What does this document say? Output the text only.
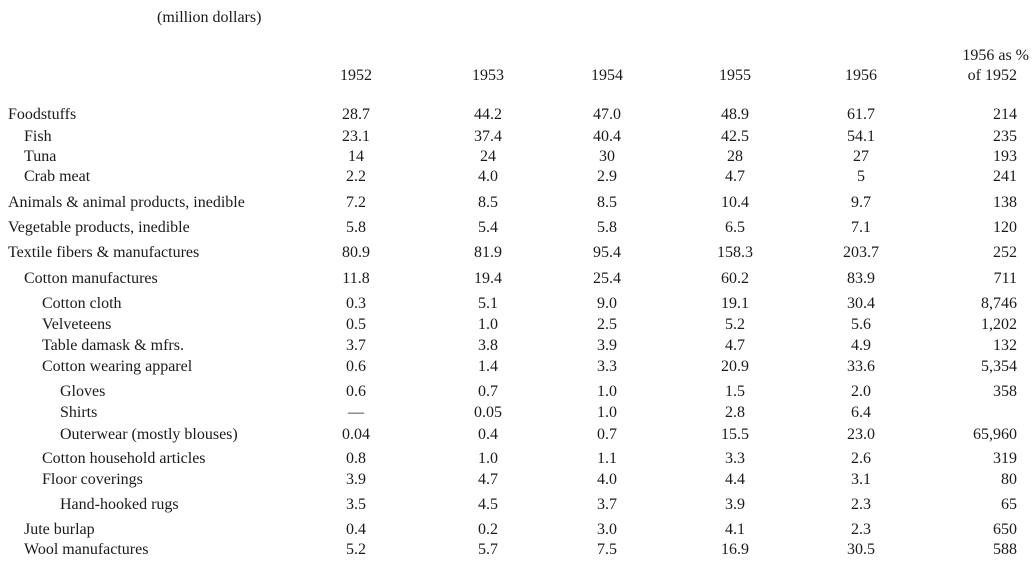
(million dollars)
1952	1953	1954	1955	1956
1956 as %
of 1952
Foodstuffs	28.7	44.2	47.0	48.9	61.7	214
Fish	23.1	37.4	40.4	42.5	54.1	235
Tuna	14	24	30	28	27	193
Crab meat	2.2	4.0	2.9	4.7	5	241
Animals & animal products, inedible	7.2	8.5	8.5	10.4	9.7	138
Vegetable products, inedible	5.8	5.4	5.8	6.5	7.1	120
Textile fibers & manufactures	80.9	81.9	95.4	158.3	203.7	252
Cotton manufactures	11.8	19.4	25.4	60.2	83.9	711
Cotton cloth	0.3	5.1	9.0	19.1	30.4	8,746
Velveteens	0.5	1.0	2.5	5.2	5.6	1,202
Table damask & mfrs.	3.7	3.8	3.9	4.7	4.9	132
Cotton wearing apparel	0.6	1.4	3.3	20.9	33.6	5,354
Gloves	0.6	0.7	1.0	1.5	2.0	358
Shirts	—	0.05	1.0	2.8	6.4
Outerwear (mostly blouses)	0.04	0.4	0.7	15.5	23.0	65,960
Cotton household articles	0.8	1.0	1.1	3.3	2.6	319
Floor coverings	3.9	4.7	4.0	4.4	3.1	80
Hand-hooked rugs	3.5	4.5	3.7	3.9	2.3	65
Jute burlap	0.4	0.2	3.0	4.1	2.3	650
Wool manufactures	5.2	5.7	7.5	16.9	30.5	588
